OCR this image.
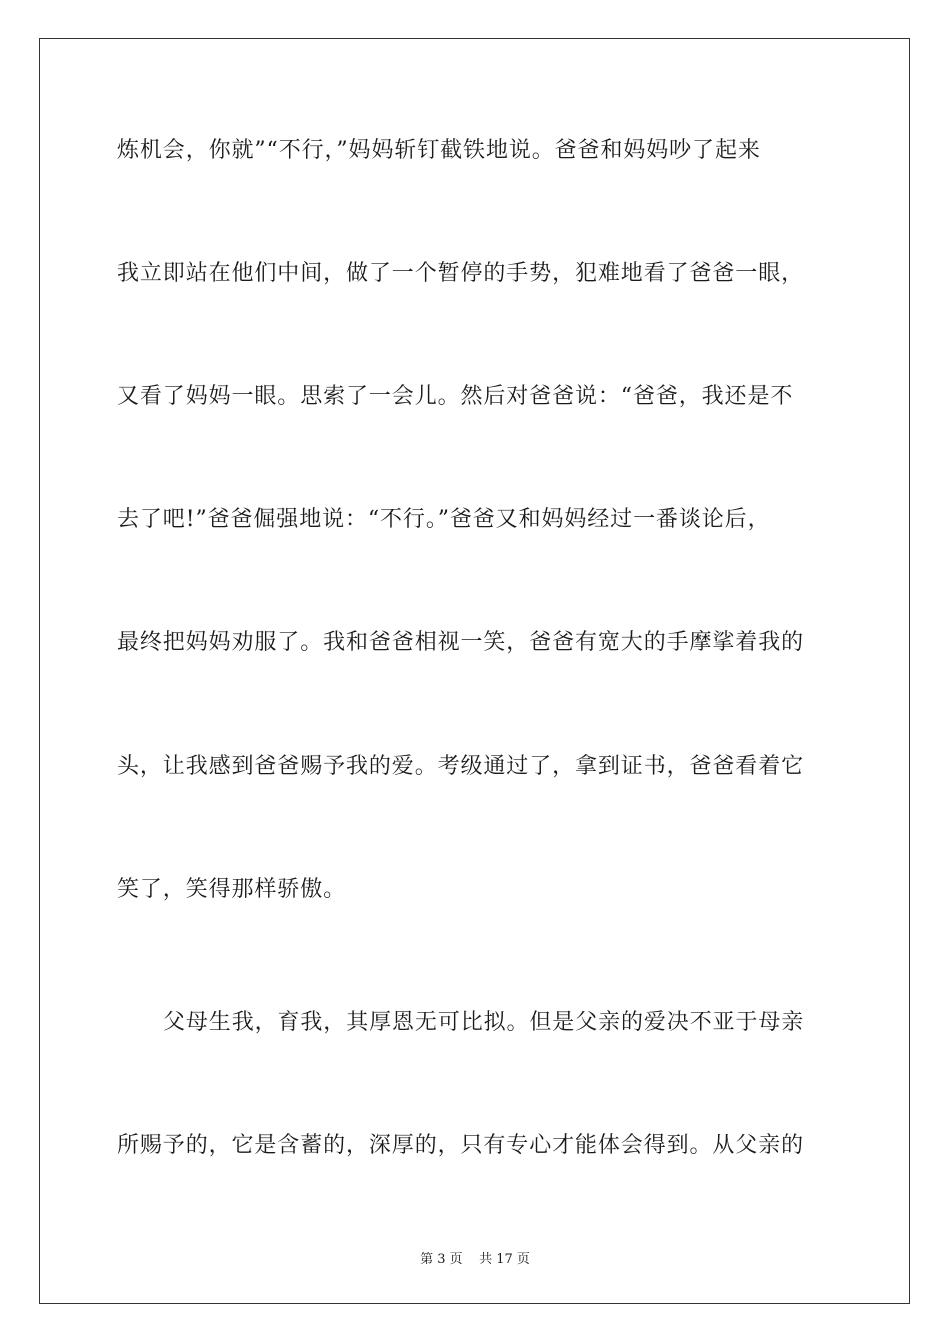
炼机会，你就”“不行，”妈妈斩钉截铁地说。爸爸和妈妈吵了起来
我立即站在他们中间，做了一个暂停的手势，犯难地看了爸爸一眼，
又看了妈妈一眼。思索了一会儿。然后对爸爸说：“爸爸，我还是不
去了吧!”爸爸倔强地说：“不行。”爸爸又和妈妈经过一番谈论后，
最终把妈妈劝服了。我和爸爸相视一笑，爸爸有宽大的手摩挲着我的
头，让我感到爸爸赐予我的爱。考级通过了，拿到证书，爸爸看着它
笑了，笑得那样骄傲。
父母生我，育我，其厚恩无可比拟。但是父亲的爱决不亚于母亲
所赐予的，它是含蓄的，深厚的，只有专心才能体会得到。从父亲的
第 3 页    共 17 页
